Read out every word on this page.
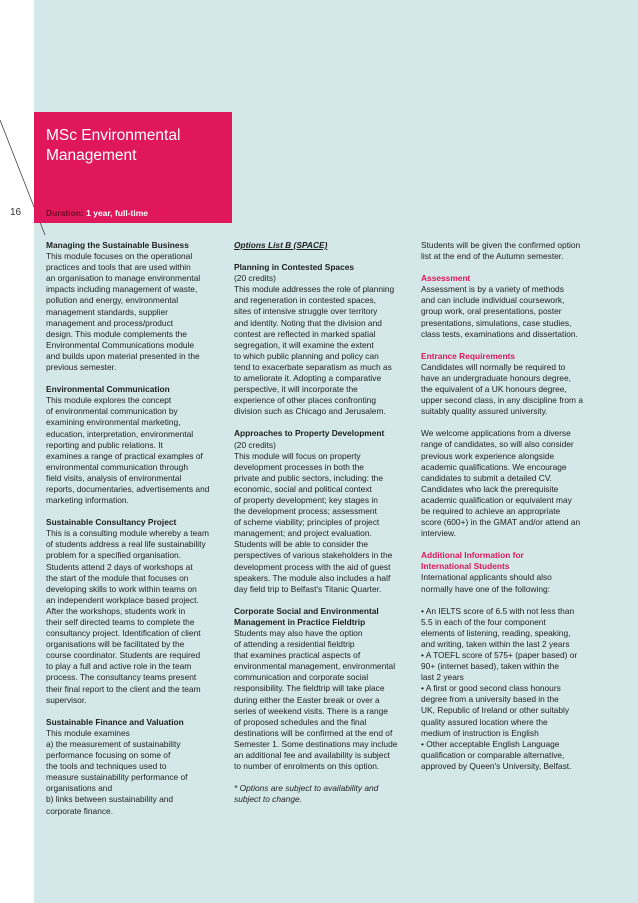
MSc Environmental
Management
Duration: 1 year, full-time
16
Managing the Sustainable Business

This module focuses on the operational
practices and tools that are used within
an organisation to manage environmental
impacts including management of waste,
pollution and energy, environmental
management standards, supplier
management and process/product
design. This module complements the
Environmental Communications module
and builds upon material presented in the
previous semester.

Environmental Communication

This module explores the concept
of environmental communication by
examining environmental marketing,
education, interpretation, environmental
reporting and public relations. It
examines a range of practical examples of
environmental communication through
field visits, analysis of environmental
reports, documentaries, advertisements and
marketing information.

Sustainable Consultancy Project

This is a consulting module whereby a team
of students address a real life sustainability
problem for a specified organisation.
Students attend 2 days of workshops at
the start of the module that focuses on
developing skills to work within teams on
an independent workplace based project.
After the workshops, students work in
their self directed teams to complete the
consultancy project. Identification of client
organisations will be facilitated by the
course coordinator. Students are required
to play a full and active role in the team
process. The consultancy teams present
their final report to the client and the team
supervisor.

Sustainable Finance and Valuation
This module examines
a) the measurement of sustainability
performance focusing on some of
the tools and techniques used to
measure sustainability performance of
organisations and
b) links between sustainability and
corporate finance.

Options List B (SPACE)

Planning in Contested Spaces

(20 credits)
This module addresses the role of planning
and regeneration in contested spaces,
sites of intensive struggle over territory
and identity. Noting that the division and
contest are reflected in marked spatial
segregation, it will examine the extent
to which public planning and policy can
tend to exacerbate separatism as much as
to ameliorate it. Adopting a comparative
perspective, it will incorporate the
experience of other places confronting
division such as Chicago and Jerusalem.

Approaches to Property Development

(20 credits)
This module will focus on property
development processes in both the
private and public sectors, including: the
economic, social and political context
of property development; key stages in
the development process; assessment
of scheme viability; principles of project
management; and project evaluation.
Students will be able to consider the
perspectives of various stakeholders in the
development process with the aid of guest
speakers. The module also includes a half
day field trip to Belfast's Titanic Quarter.

Corporate Social and Environmental
Management in Practice Fieldtrip

Students may also have the option
of attending a residential fieldtrip
that examines practical aspects of
environmental management, environmental
communication and corporate social
responsibility. The fieldtrip will take place
during either the Easter break or over a
series of weekend visits. There is a range
of proposed schedules and the final
destinations will be confirmed at the end of
Semester 1. Some destinations may include
an additional fee and availability is subject
to number of enrolments on this option.

* Options are subject to availability and
subject to change.

Students will be given the confirmed option
list at the end of the Autumn semester.

Assessment

Assessment is by a variety of methods
and can include individual coursework,
group work, oral presentations, poster
presentations, simulations, case studies,
class tests, examinations and dissertation.

Entrance Requirements

Candidates will normally be required to
have an undergraduate honours degree,
the equivalent of a UK honours degree,
upper second class, in any discipline from a
suitably quality assured university.

We welcome applications from a diverse
range of candidates, so will also consider
previous work experience alongside
academic qualifications. We encourage
candidates to submit a detailed CV.
Candidates who lack the prerequisite
academic qualification or equivalent may
be required to achieve an appropriate
score (600+) in the GMAT and/or attend an
interview.

Additional Information for
International Students

International applicants should also
normally have one of the following:

• An IELTS score of 6.5 with not less than
5.5 in each of the four component
elements of listening, reading, speaking,
and writing, taken within the last 2 years
• A TOEFL score of 575+ (paper based) or
90+ (internet based), taken within the
last 2 years
• A first or good second class honours
degree from a university based in the
UK, Republic of Ireland or other suitably
quality assured location where the
medium of instruction is English
• Other acceptable English Language
qualification or comparable alternative,
approved by Queen's University, Belfast.
